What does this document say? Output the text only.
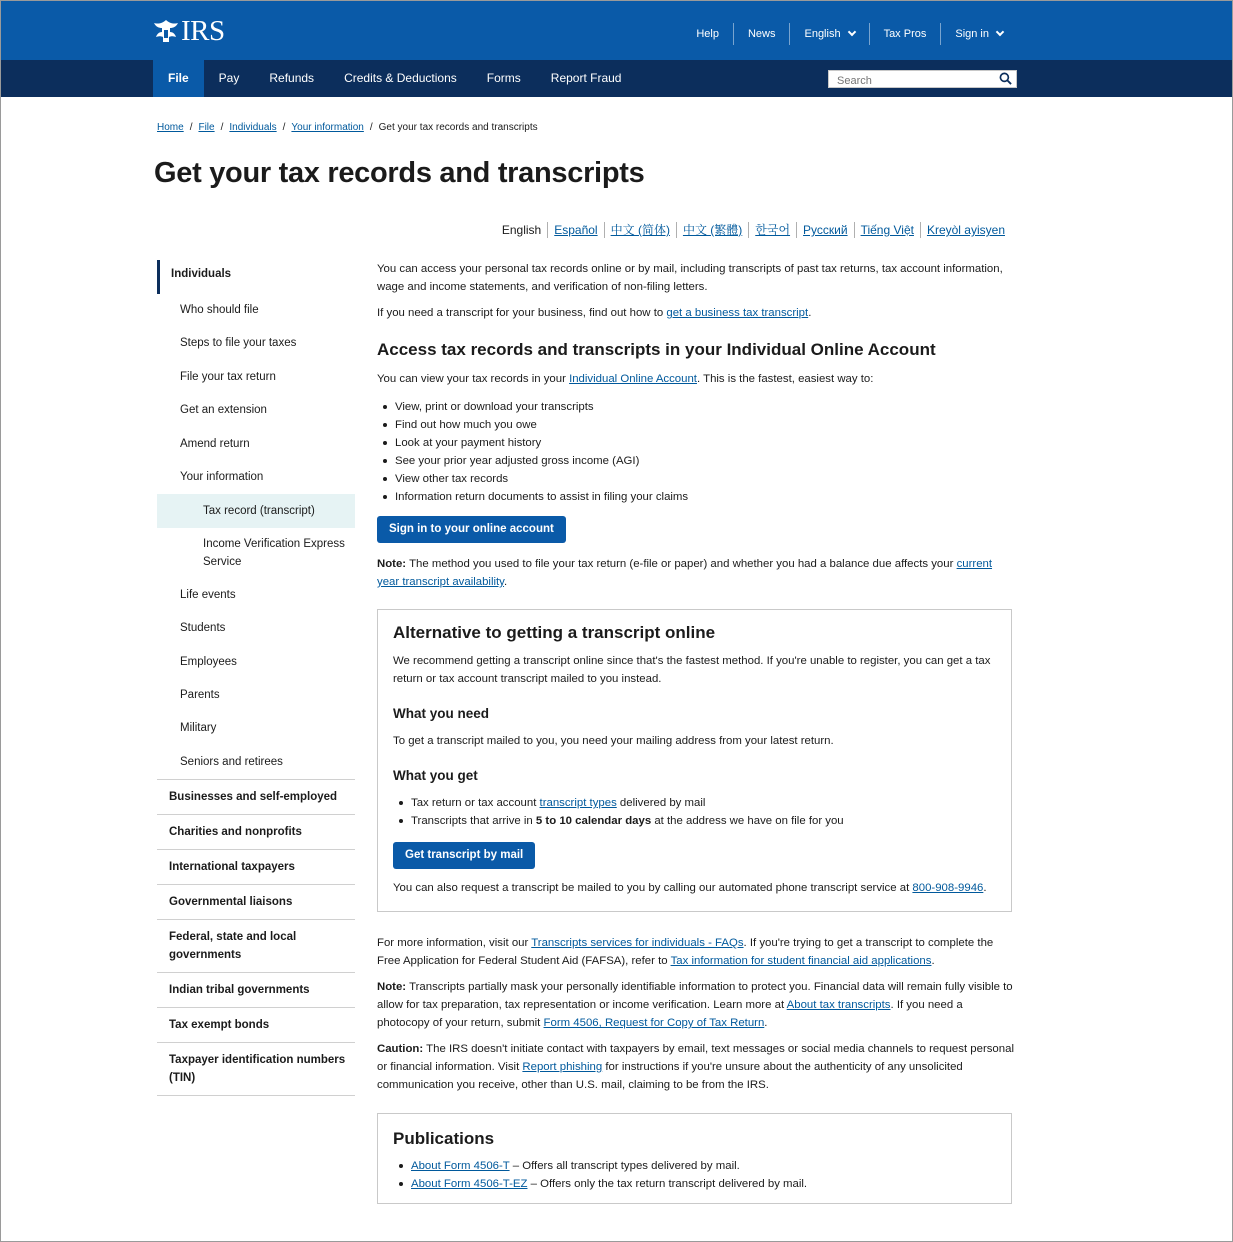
IRS	Help	News	English	Tax Pros	Sign in
File	Pay	Refunds	Credits & Deductions	Forms	Report Fraud
Search
Home / File / Individuals / Your information / Get your tax records and transcripts
Get your tax records and transcripts
English	Español	中文 (简体)	中文 (繁體)	한국어	Русский	Tiếng Việt	Kreyòl ayisyen
Individuals
Who should file
Steps to file your taxes
File your tax return
Get an extension
Amend return
Your information
Tax record (transcript)
Income Verification Express Service
Life events
Students
Employees
Parents
Military
Seniors and retirees
Businesses and self-employed
Charities and nonprofits
International taxpayers
Governmental liaisons
Federal, state and local governments
Indian tribal governments
Tax exempt bonds
Taxpayer identification numbers (TIN)

You can access your personal tax records online or by mail, including transcripts of past tax returns, tax account information, wage and income statements, and verification of non-filing letters.

If you need a transcript for your business, find out how to get a business tax transcript.

Access tax records and transcripts in your Individual Online Account

You can view your tax records in your Individual Online Account. This is the fastest, easiest way to:

View, print or download your transcripts
Find out how much you owe
Look at your payment history
See your prior year adjusted gross income (AGI)
View other tax records
Information return documents to assist in filing your claims
Sign in to your online account

Note: The method you used to file your tax return (e-file or paper) and whether you had a balance due affects your current year transcript availability.

Alternative to getting a transcript online

We recommend getting a transcript online since that's the fastest method. If you're unable to register, you can get a tax return or tax account transcript mailed to you instead.

What you need

To get a transcript mailed to you, you need your mailing address from your latest return.

What you get
Tax return or tax account transcript types delivered by mail
Transcripts that arrive in 5 to 10 calendar days at the address we have on file for you
Get transcript by mail

You can also request a transcript be mailed to you by calling our automated phone transcript service at 800-908-9946.

For more information, visit our Transcripts services for individuals - FAQs. If you're trying to get a transcript to complete the Free Application for Federal Student Aid (FAFSA), refer to Tax information for student financial aid applications.

Note: Transcripts partially mask your personally identifiable information to protect you. Financial data will remain fully visible to allow for tax preparation, tax representation or income verification. Learn more at About tax transcripts. If you need a photocopy of your return, submit Form 4506, Request for Copy of Tax Return.

Caution: The IRS doesn't initiate contact with taxpayers by email, text messages or social media channels to request personal or financial information. Visit Report phishing for instructions if you're unsure about the authenticity of any unsolicited communication you receive, other than U.S. mail, claiming to be from the IRS.

Publications
About Form 4506-T – Offers all transcript types delivered by mail.
About Form 4506-T-EZ – Offers only the tax return transcript delivered by mail.
